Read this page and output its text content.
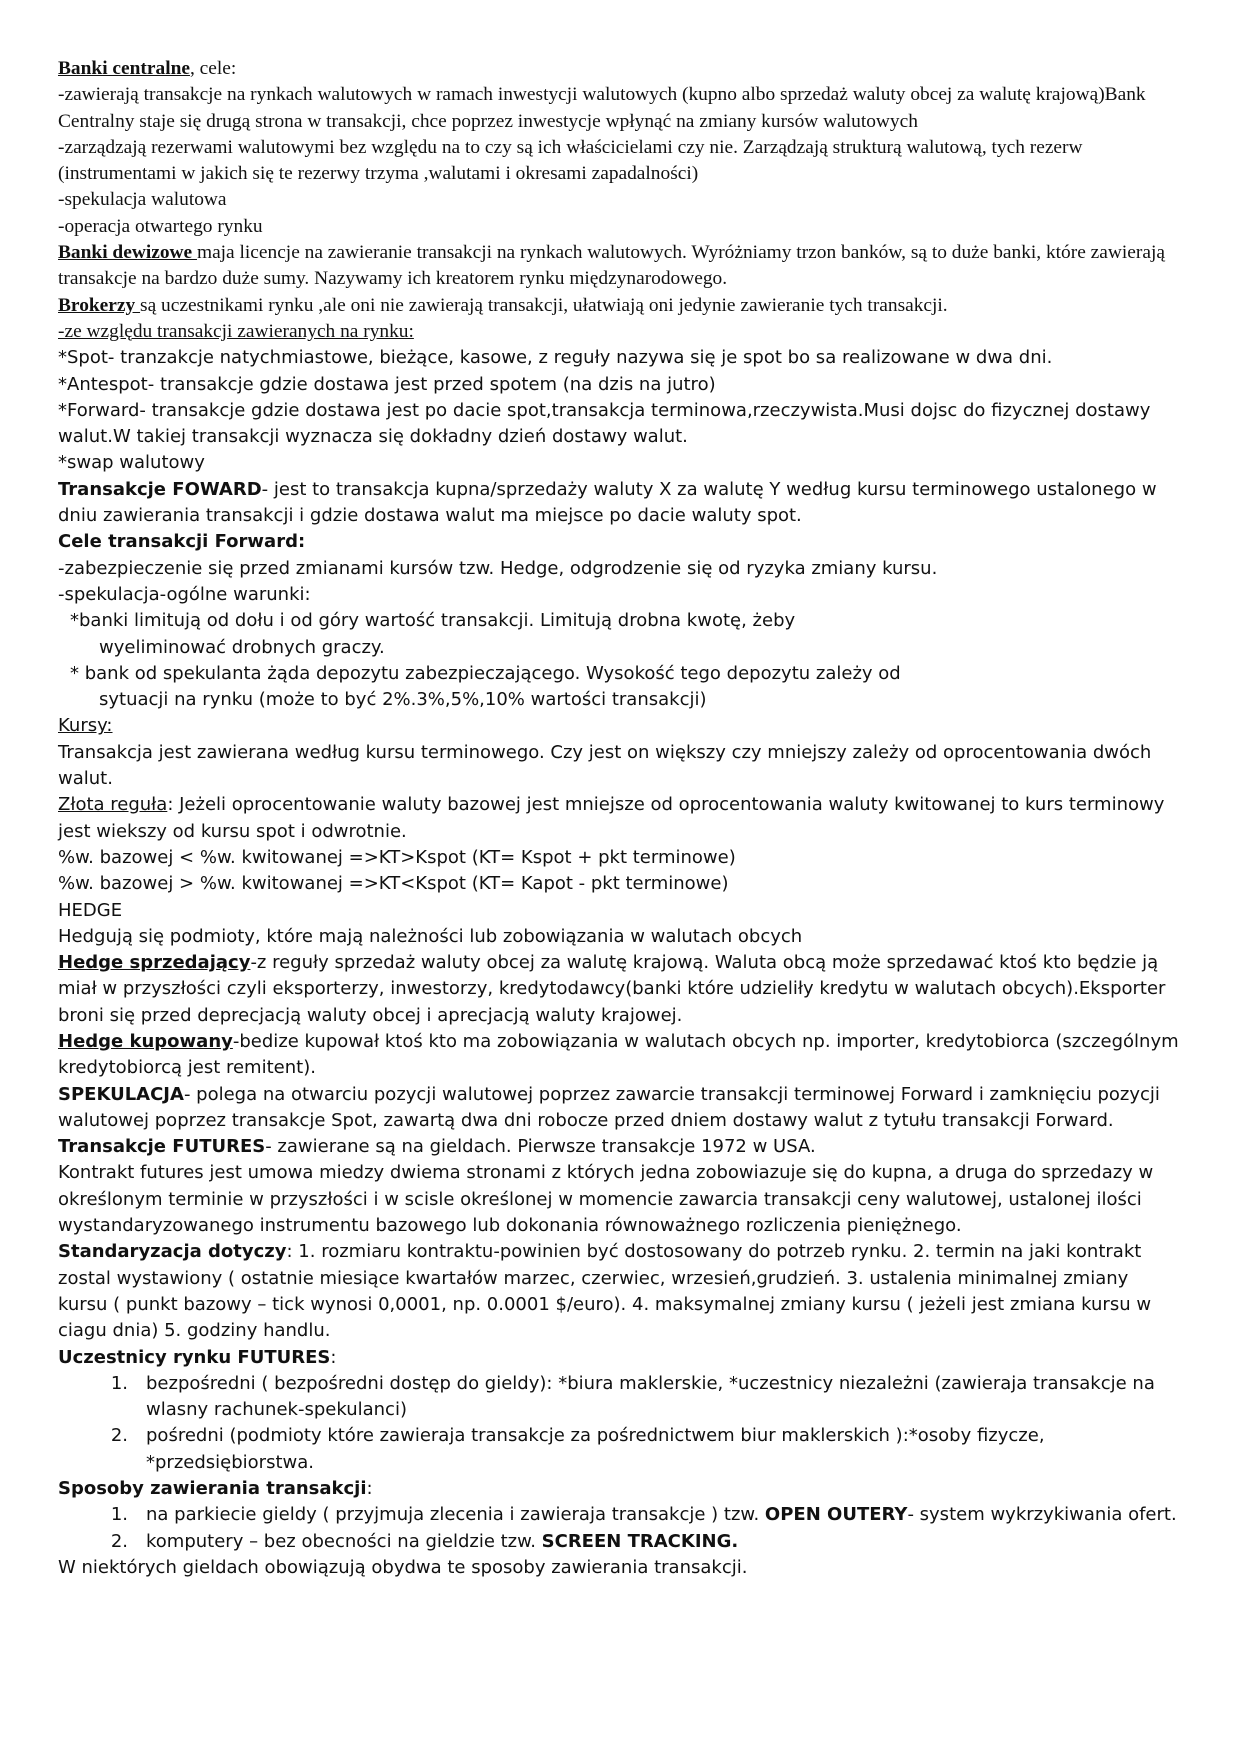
Banki centralne, cele:

-zawierają transakcje na rynkach walutowych w ramach inwestycji walutowych (kupno albo sprzedaż waluty obcej za walutę krajową)Bank Centralny staje się drugą strona w transakcji, chce poprzez inwestycje wpłynąć na zmiany kursów walutowych

-zarządzają rezerwami walutowymi bez względu na to czy są ich właścicielami czy nie. Zarządzają strukturą walutową, tych rezerw (instrumentami w jakich się te rezerwy trzyma ,walutami i okresami zapadalności)

-spekulacja walutowa

-operacja otwartego rynku

Banki dewizowe maja licencje na zawieranie transakcji na rynkach walutowych. Wyróżniamy trzon banków, są to duże banki, które zawierają transakcje na bardzo duże sumy. Nazywamy ich kreatorem rynku międzynarodowego.

Brokerzy są uczestnikami rynku ,ale oni nie zawierają transakcji, ułatwiają oni jedynie zawieranie tych transakcji.

-ze względu transakcji zawieranych na rynku:

*Spot- tranzakcje natychmiastowe, bieżące, kasowe, z reguły nazywa się je spot bo sa realizowane w dwa dni.

*Antespot- transakcje gdzie dostawa jest przed spotem (na dzis na jutro)

*Forward- transakcje gdzie dostawa jest po dacie spot,transakcja terminowa,rzeczywista.Musi dojsc do fizycznej dostawy walut.W takiej transakcji wyznacza się dokładny dzień dostawy walut.

*swap walutowy

Transakcje FOWARD- jest to transakcja kupna/sprzedaży waluty X za walutę Y według kursu terminowego ustalonego w dniu zawierania transakcji i gdzie dostawa walut ma miejsce po dacie waluty spot.

Cele transakcji Forward:

-zabezpieczenie się przed zmianami kursów tzw. Hedge, odgrodzenie się od ryzyka zmiany kursu.

-spekulacja-ogólne warunki:

*banki limitują od dołu i od góry wartość transakcji. Limitują drobna kwotę, żeby

wyeliminować drobnych graczy.

* bank od spekulanta żąda depozytu zabezpieczającego. Wysokość tego depozytu zależy od

sytuacji na rynku (może to być 2%.3%,5%,10% wartości transakcji)

Kursy:

Transakcja jest zawierana według kursu terminowego. Czy jest on większy czy mniejszy zależy od oprocentowania dwóch walut.

Złota reguła: Jeżeli oprocentowanie waluty bazowej jest mniejsze od oprocentowania waluty kwitowanej to kurs terminowy jest wiekszy od kursu spot i odwrotnie.

%w. bazowej < %w. kwitowanej =>KT>Kspot (KT= Kspot + pkt terminowe)

%w. bazowej > %w. kwitowanej =>KT<Kspot (KT= Kapot - pkt terminowe)

HEDGE

Hedgują się podmioty, które mają należności lub zobowiązania w walutach obcych

Hedge sprzedający-z reguły sprzedaż waluty obcej za walutę krajową. Waluta obcą może sprzedawać ktoś kto będzie ją miał w przyszłości czyli eksporterzy, inwestorzy, kredytodawcy(banki które udzieliły kredytu w walutach obcych).Eksporter broni się przed deprecjacją waluty obcej i aprecjacją waluty krajowej.

Hedge kupowany-bedize kupował ktoś kto ma zobowiązania w walutach obcych np. importer, kredytobiorca (szczególnym kredytobiorcą jest remitent).

SPEKULACJA- polega na otwarciu pozycji walutowej poprzez zawarcie transakcji terminowej Forward i zamknięciu pozycji walutowej poprzez transakcje Spot, zawartą dwa dni robocze przed dniem dostawy walut z tytułu transakcji Forward.

Transakcje FUTURES- zawierane są na gieldach. Pierwsze transakcje 1972 w USA.

Kontrakt futures jest umowa miedzy dwiema stronami z których jedna zobowiazuje się do kupna, a druga do sprzedazy w określonym terminie w przyszłości i w scisle określonej w momencie zawarcia transakcji ceny walutowej, ustalonej ilości wystandaryzowanego instrumentu bazowego lub dokonania równoważnego rozliczenia pieniężnego.

Standaryzacja dotyczy: 1. rozmiaru kontraktu-powinien być dostosowany do potrzeb rynku. 2. termin na jaki kontrakt zostal wystawiony ( ostatnie miesiące kwartałów marzec, czerwiec, wrzesień,grudzień. 3. ustalenia minimalnej zmiany kursu ( punkt bazowy – tick wynosi 0,0001, np. 0.0001 $/euro). 4. maksymalnej zmiany kursu ( jeżeli jest zmiana kursu w ciagu dnia) 5. godziny handlu.

Uczestnicy rynku FUTURES:

1.	bezpośredni ( bezpośredni dostęp do gieldy): *biura maklerskie, *uczestnicy niezależni (zawieraja transakcje na wlasny rachunek-spekulanci)
2.	pośredni (podmioty które zawieraja transakcje za pośrednictwem biur maklerskich ):*osoby fizycze, *przedsiębiorstwa.

Sposoby zawierania transakcji:

1.	na parkiecie gieldy ( przyjmuja zlecenia i zawieraja transakcje ) tzw. OPEN OUTERY- system wykrzykiwania ofert.
2.	komputery – bez obecności na gieldzie tzw. SCREEN TRACKING.

W niektórych gieldach obowiązują obydwa te sposoby zawierania transakcji.
